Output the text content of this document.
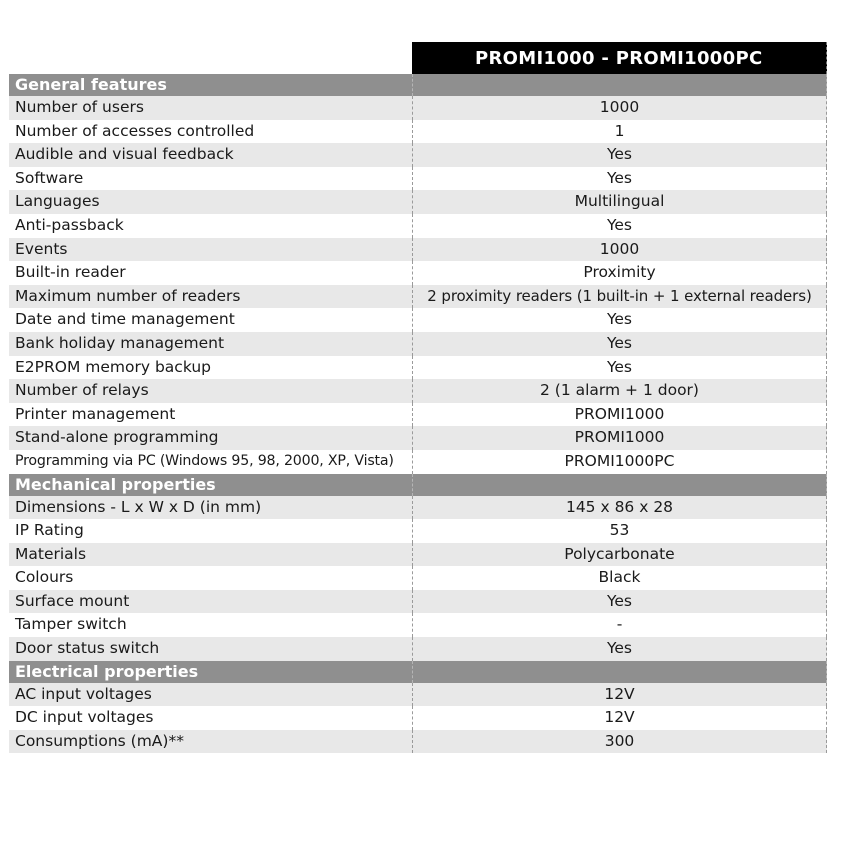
PROMI1000 - PROMI1000PC
General features
Number of users	1000
Number of accesses controlled	1
Audible and visual feedback	Yes
Software	Yes
Languages	Multilingual
Anti-passback	Yes
Events	1000
Built-in reader	Proximity
Maximum number of readers	2 proximity readers (1 built-in + 1 external readers)
Date and time management	Yes
Bank holiday management	Yes
E2PROM memory backup	Yes
Number of relays	2 (1 alarm + 1 door)
Printer management	PROMI1000
Stand-alone programming	PROMI1000
Programming via PC (Windows 95, 98, 2000, XP, Vista)	PROMI1000PC
Mechanical properties
Dimensions - L x W x D (in mm)	145 x 86 x 28
IP Rating	53
Materials	Polycarbonate
Colours	Black
Surface mount	Yes
Tamper switch	-
Door status switch	Yes
Electrical properties
AC input voltages	12V
DC input voltages	12V
Consumptions (mA)**	300
